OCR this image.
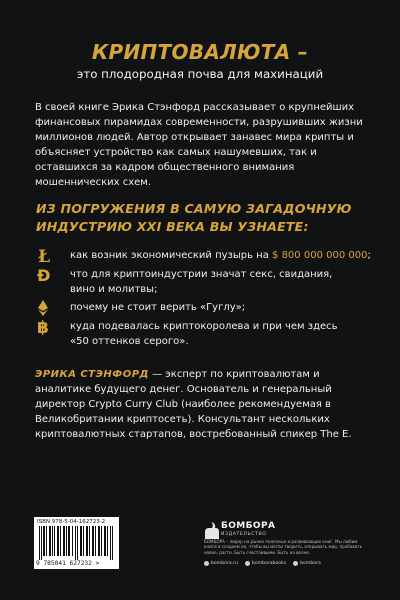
КРИПТОВАЛЮТА –
это плодородная почва для махинаций
В своей книге Эрика Стэнфорд рассказывает о крупнейших финансовых пирамидах современности, разрушивших жизни миллионов людей. Автор открывает занавес мира крипты и объясняет устройство как самых нашумевших, так и оставшихся за кадром общественного внимания мошеннических схем.
ИЗ ПОГРУЖЕНИЯ В САМУЮ ЗАГАДОЧНУЮ
ИНДУСТРИЮ XXI ВЕКА ВЫ УЗНАЕТЕ:
Ł как возник экономический пузырь на $ 800 000 000 000;
Ð что для криптоиндустрии значат секс, свидания,
вино и молитвы;
почему не стоит верить «Гуглу»;
฿ куда подевалась криптокоролева и при чем здесь
«50 оттенков серого».
ЭРИКА СТЭНФОРД — эксперт по криптовалютам и аналитике будущего денег. Основатель и генеральный директор Crypto Curry Club (наиболее рекомендуемая в Великобритании криптосеть). Консультант нескольких криптовалютных стартапов, востребованный спикер The E.
ISBN 978-5-04-162723-2
9 785041 627232 >
БОМБОРА
ИЗДАТЕЛЬСТВО
БОМБОРА – лидер на рынке полезных и развивающих книг. Мы любим книги и создаем их, чтобы вы могли творить, открывать мир, пробовать новое, расти. Быть счастливыми. Быть на волне.
bombora.ru	bomborabooks	bombora
